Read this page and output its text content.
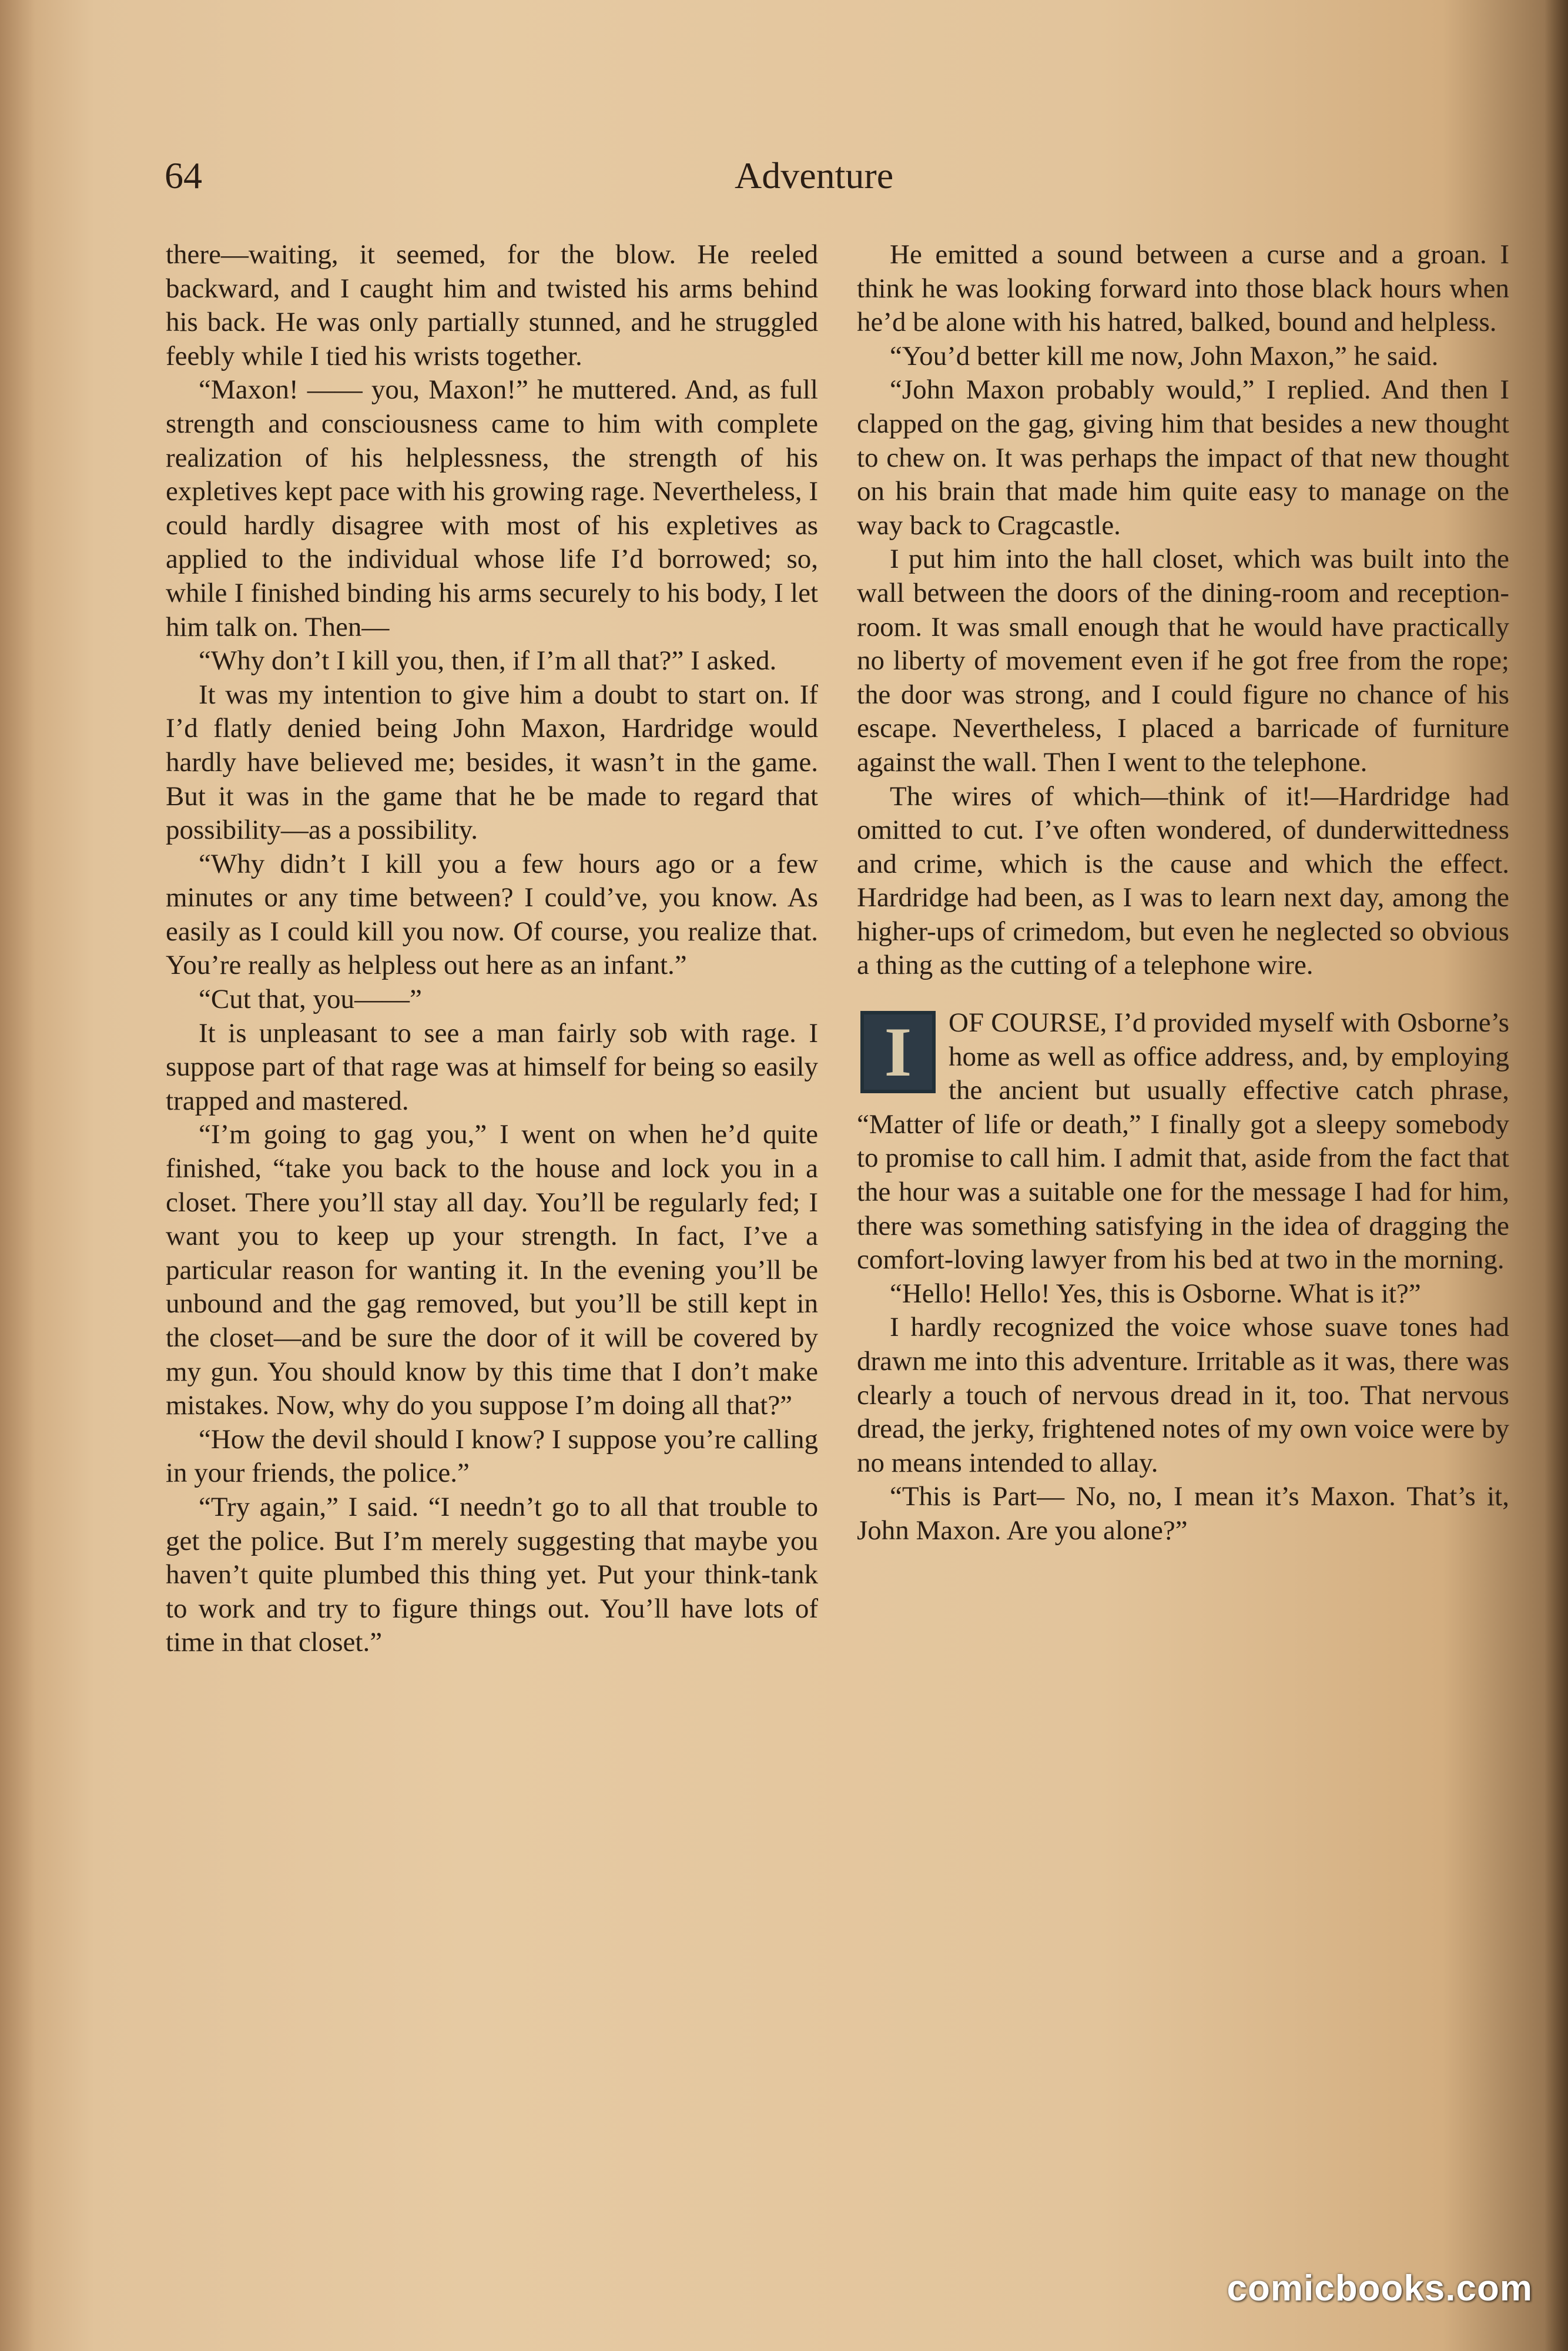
64	Adventure

there—waiting, it seemed, for the blow. He reeled backward, and I caught him and twisted his arms behind his back. He was only partially stunned, and he struggled feebly while I tied his wrists together.

“Maxon! —— you, Maxon!” he muttered. And, as full strength and consciousness came to him with complete realization of his helplessness, the strength of his expletives kept pace with his growing rage. Nevertheless, I could hardly disagree with most of his expletives as applied to the individual whose life I’d borrowed; so, while I finished binding his arms securely to his body, I let him talk on. Then—

“Why don’t I kill you, then, if I’m all that?” I asked.

It was my intention to give him a doubt to start on. If I’d flatly denied being John Maxon, Hardridge would hardly have believed me; besides, it wasn’t in the game. But it was in the game that he be made to regard that possibility—as a possibility.

“Why didn’t I kill you a few hours ago or a few minutes or any time between? I could’ve, you know. As easily as I could kill you now. Of course, you realize that. You’re really as helpless out here as an infant.”

“Cut that, you——”

It is unpleasant to see a man fairly sob with rage. I suppose part of that rage was at himself for being so easily trapped and mastered.

“I’m going to gag you,” I went on when he’d quite finished, “take you back to the house and lock you in a closet. There you’ll stay all day. You’ll be regularly fed; I want you to keep up your strength. In fact, I’ve a particular reason for wanting it. In the evening you’ll be unbound and the gag removed, but you’ll be still kept in the closet—and be sure the door of it will be covered by my gun. You should know by this time that I don’t make mistakes. Now, why do you suppose I’m doing all that?”

“How the devil should I know? I suppose you’re calling in your friends, the police.”

“Try again,” I said. “I needn’t go to all that trouble to get the police. But I’m merely suggesting that maybe you haven’t quite plumbed this thing yet. Put your think-tank to work and try to figure things out. You’ll have lots of time in that closet.”

He emitted a sound between a curse and a groan. I think he was looking forward into those black hours when he’d be alone with his hatred, balked, bound and helpless.

“You’d better kill me now, John Maxon,” he said.

“John Maxon probably would,” I replied. And then I clapped on the gag, giving him that besides a new thought to chew on. It was perhaps the impact of that new thought on his brain that made him quite easy to manage on the way back to Cragcastle.

I put him into the hall closet, which was built into the wall between the doors of the dining-room and reception-room. It was small enough that he would have practically no liberty of movement even if he got free from the rope; the door was strong, and I could figure no chance of his escape. Nevertheless, I placed a barricade of furniture against the wall. Then I went to the telephone.

The wires of which—think of it!—Hardridge had omitted to cut. I’ve often wondered, of dunderwittedness and crime, which is the cause and which the effect. Hardridge had been, as I was to learn next day, among the higher-ups of crimedom, but even he neglected so obvious a thing as the cutting of a telephone wire.

I	OF COURSE, I’d provided myself with Osborne’s home as well as office address, and, by employing the ancient but usually effective catch phrase, “Matter of life or death,” I finally got a sleepy somebody to promise to call him. I admit that, aside from the fact that the hour was a suitable one for the message I had for him, there was something satisfying in the idea of dragging the comfort-loving lawyer from his bed at two in the morning.

“Hello! Hello! Yes, this is Osborne. What is it?”

I hardly recognized the voice whose suave tones had drawn me into this adventure. Irritable as it was, there was clearly a touch of nervous dread in it, too. That nervous dread, the jerky, frightened notes of my own voice were by no means intended to allay.

“This is Part— No, no, I mean it’s Maxon. That’s it, John Maxon. Are you alone?”

comicbooks.com
